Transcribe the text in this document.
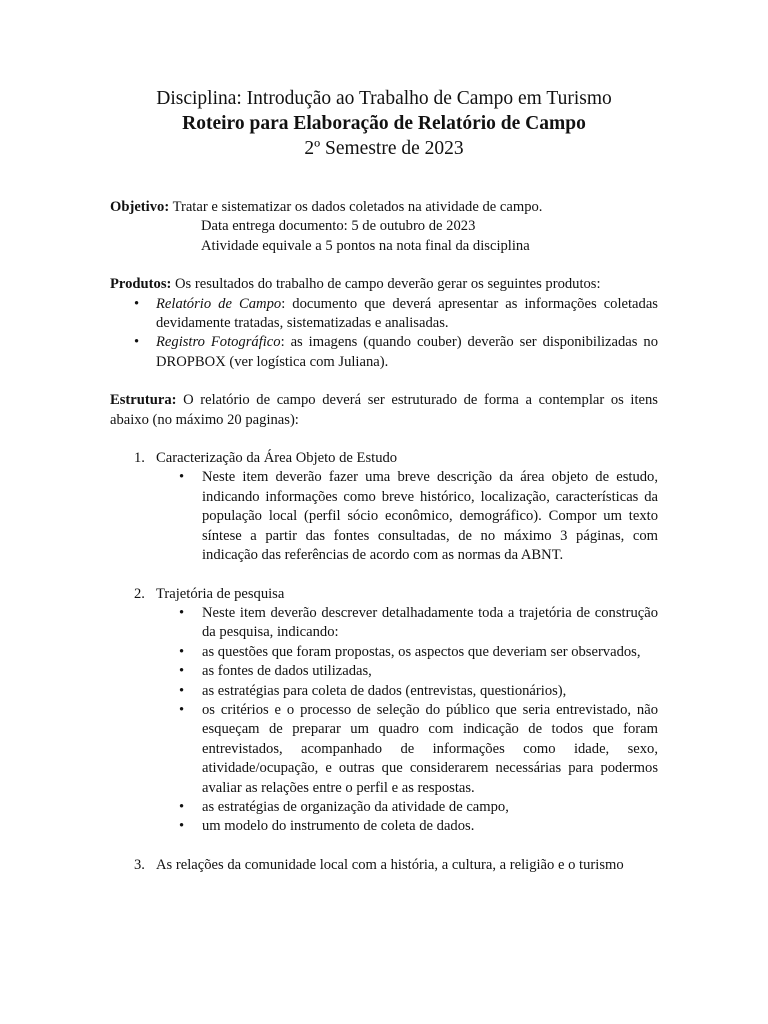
Disciplina: Introdução ao Trabalho de Campo em Turismo
Roteiro para Elaboração de Relatório de Campo
2º Semestre de 2023
Objetivo: Tratar e sistematizar os dados coletados na atividade de campo.
Data entrega documento: 5 de outubro de 2023
Atividade equivale a 5 pontos na nota final da disciplina
Produtos: Os resultados do trabalho de campo deverão gerar os seguintes produtos:
• Relatório de Campo: documento que deverá apresentar as informações coletadas devidamente tratadas, sistematizadas e analisadas.
• Registro Fotográfico: as imagens (quando couber) deverão ser disponibilizadas no DROPBOX (ver logística com Juliana).
Estrutura: O relatório de campo deverá ser estruturado de forma a contemplar os itens abaixo (no máximo 20 paginas):
1. Caracterização da Área Objeto de Estudo
• Neste item deverão fazer uma breve descrição da área objeto de estudo, indicando informações como breve histórico, localização, características da população local (perfil sócio econômico, demográfico). Compor um texto síntese a partir das fontes consultadas, de no máximo 3 páginas, com indicação das referências de acordo com as normas da ABNT.
2. Trajetória de pesquisa
• Neste item deverão descrever detalhadamente toda a trajetória de construção da pesquisa, indicando:
• as questões que foram propostas, os aspectos que deveriam ser observados,
• as fontes de dados utilizadas,
• as estratégias para coleta de dados (entrevistas, questionários),
• os critérios e o processo de seleção do público que seria entrevistado, não esqueçam de preparar um quadro com indicação de todos que foram entrevistados, acompanhado de informações como idade, sexo, atividade/ocupação, e outras que considerarem necessárias para podermos avaliar as relações entre o perfil e as respostas.
• as estratégias de organização da atividade de campo,
• um modelo do instrumento de coleta de dados.
3. As relações da comunidade local com a história, a cultura, a religião e o turismo
